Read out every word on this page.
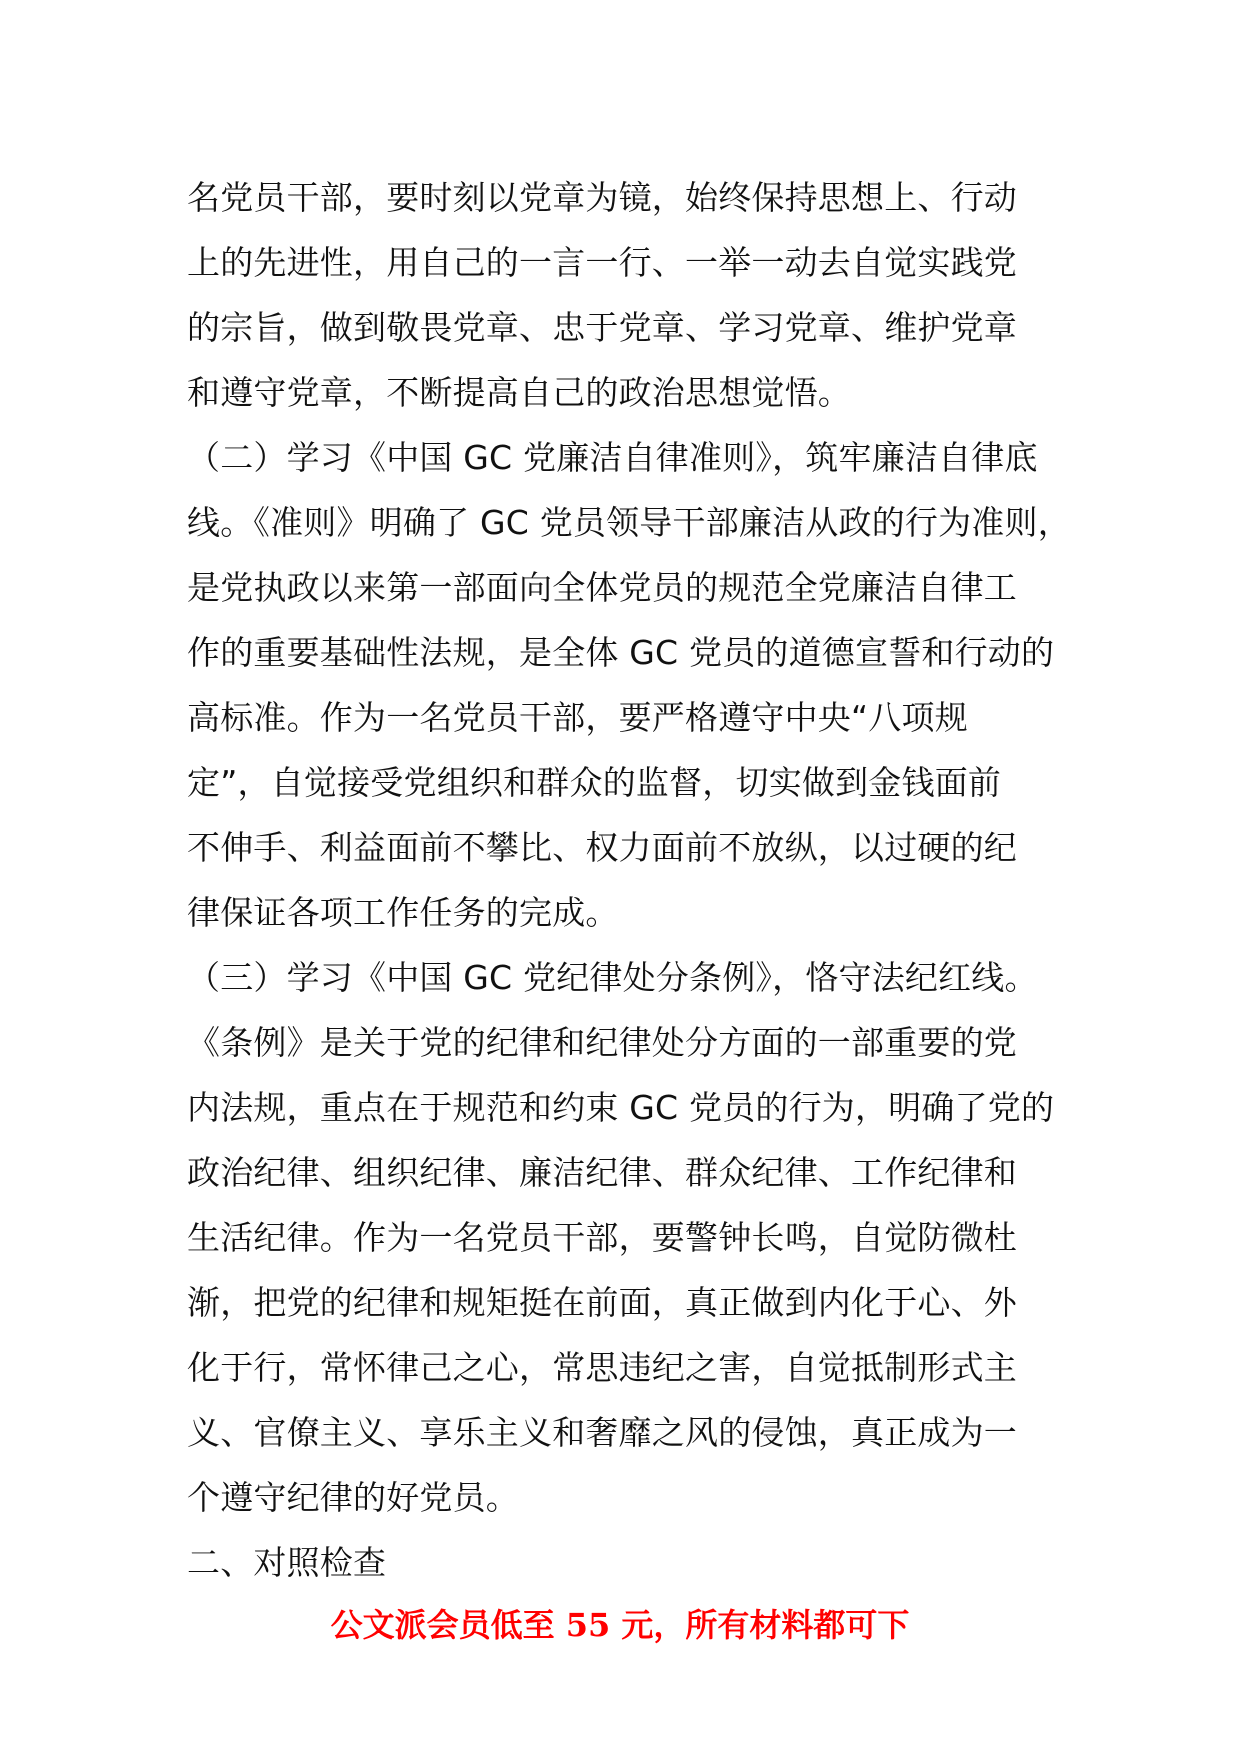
名党员干部，要时刻以党章为镜，始终保持思想上、行动
上的先进性，用自己的一言一行、一举一动去自觉实践党
的宗旨，做到敬畏党章、忠于党章、学习党章、维护党章
和遵守党章，不断提高自己的政治思想觉悟。
（二）学习《中国 GC 党廉洁自律准则》，筑牢廉洁自律底
线。《准则》明确了 GC 党员领导干部廉洁从政的行为准则，
是党执政以来第一部面向全体党员的规范全党廉洁自律工
作的重要基础性法规，是全体 GC 党员的道德宣誓和行动的
高标准。作为一名党员干部，要严格遵守中央“八项规
定”，自觉接受党组织和群众的监督，切实做到金钱面前
不伸手、利益面前不攀比、权力面前不放纵，以过硬的纪
律保证各项工作任务的完成。
（三）学习《中国 GC 党纪律处分条例》，恪守法纪红线。
《条例》是关于党的纪律和纪律处分方面的一部重要的党
内法规，重点在于规范和约束 GC 党员的行为，明确了党的
政治纪律、组织纪律、廉洁纪律、群众纪律、工作纪律和
生活纪律。作为一名党员干部，要警钟长鸣，自觉防微杜
渐，把党的纪律和规矩挺在前面，真正做到内化于心、外
化于行，常怀律己之心，常思违纪之害，自觉抵制形式主
义、官僚主义、享乐主义和奢靡之风的侵蚀，真正成为一
个遵守纪律的好党员。
二、对照检查
公文派会员低至 55 元，所有材料都可下
